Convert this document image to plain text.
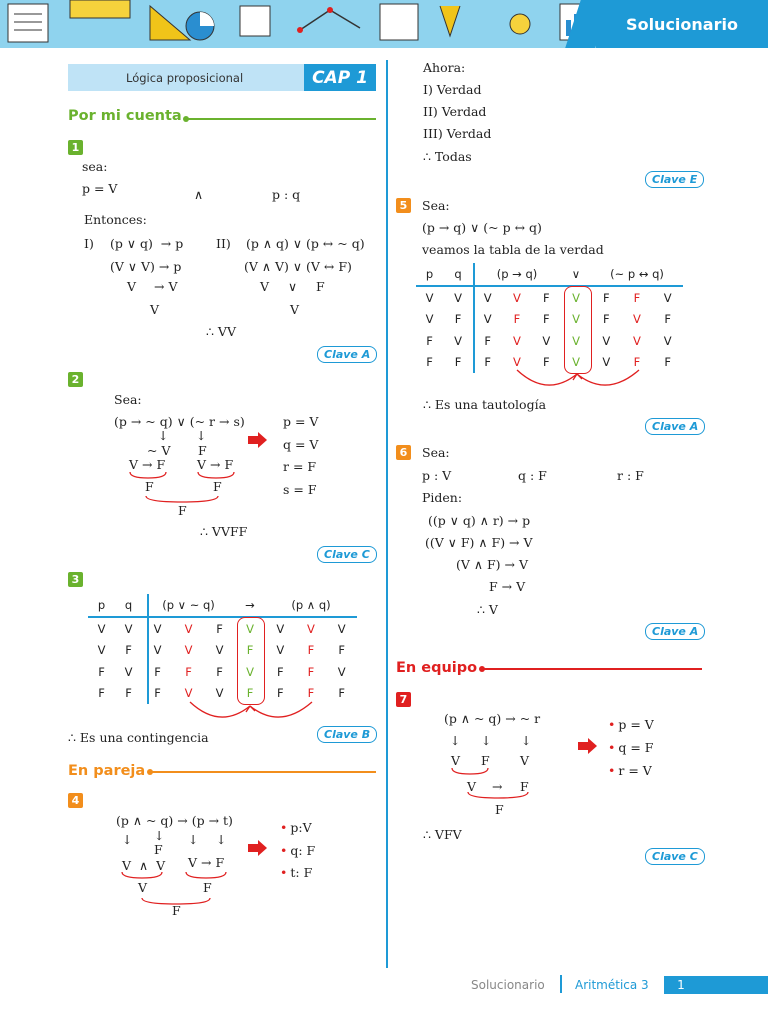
Solucionario
Lógica proposicional	CAP 1
Por mi cuenta
1
sea:
p = V	∧	p : q
Entonces:
I) (p ∨ q)  → p	II) (p ∧ q) ∨ (p ↔ ~ q)
(V ∨ V) → p	(V ∧ V) ∨ (V ↔ F)
V → V	V ∨ F
V	V
∴ VV
Clave A
2
Sea:
(p → ~ q) ∨ (~ r → s)
↓ ↓
~ V F
V → F	V → F
F	F
F
p = V
q = V
r = F
s = F
∴ VVFF
Clave C
3
p	q	(p ∨ ~ q)			→	(p ∧ q)		
V	V	V	V	F	V	V	V	V
V	F	V	V	V	F	V	F	F
F	V	F	F	F	V	F	F	V
F	F	F	V	V	F	F	F	F
∴ Es una contingencia	Clave B
En pareja
4
(p ∧ ~ q) → (p → t)
↓ ↓ ↓ ↓
F
V  ∧  V V → F
V	F
F
• p:V
• q: F
• t: F
Ahora:
I) Verdad
II) Verdad
III) Verdad
∴ Todas
Clave E
5 Sea:
(p → q) ∨ (~ p ↔ q)
veamos la tabla de la verdad
p	q	(p → q)			∨	(~ p ↔ q)		
V	V	V	V	F	V	F	F	V
V	F	V	F	F	V	F	V	F
F	V	F	V	V	V	V	V	V
F	F	F	V	F	V	V	F	F
∴ Es una tautología
Clave A
6 Sea:
p : V	q : F	r : F
Piden:
((p ∨ q) ∧ r) → p
((V ∨ F) ∧ F) → V
(V ∧ F) → V
F → V
∴ V
Clave A
En equipo
7
(p ∧ ~ q) → ~ r
↓ ↓ ↓
V F V
V → F
F
• p = V
• q = F
• r = V
∴ VFV
Clave C
Solucionario	Aritmética 3	1
